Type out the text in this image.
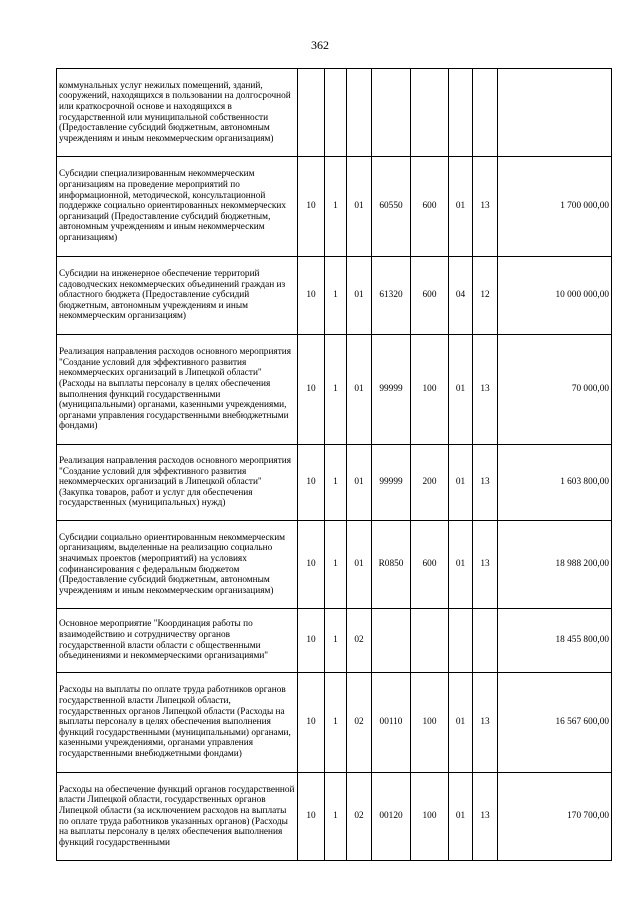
362
коммунальных услуг нежилых помещений, зданий, сооружений, находящихся в пользовании на долгосрочной или краткосрочной основе и находящихся в государственной или муниципальной собственности (Предоставление субсидий бюджетным, автономным учреждениям и иным некоммерческим организациям)								
Субсидии специализированным некоммерческим организациям на проведение мероприятий по информационной, методической, консультационной поддержке социально ориентированных некоммерческих организаций (Предоставление субсидий бюджетным, автономным учреждениям и иным некоммерческим организациям)	10	1	01	60550	600	01	13	1 700 000,00
Субсидии на инженерное обеспечение территорий садоводческих некоммерческих объединений граждан из областного бюджета (Предоставление субсидий бюджетным, автономным учреждениям и иным некоммерческим организациям)	10	1	01	61320	600	04	12	10 000 000,00
Реализация направления расходов основного мероприятия "Создание условий для эффективного развития некоммерческих организаций в Липецкой области" (Расходы на выплаты персоналу в целях обеспечения выполнения функций государственными (муниципальными) органами, казенными учреждениями, органами управления государственными внебюджетными фондами)	10	1	01	99999	100	01	13	70 000,00
Реализация направления расходов основного мероприятия "Создание условий для эффективного развития некоммерческих организаций в Липецкой области" (Закупка товаров, работ и услуг для обеспечения государственных (муниципальных) нужд)	10	1	01	99999	200	01	13	1 603 800,00
Субсидии социально ориентированным некоммерческим организациям, выделенные на реализацию социально значимых проектов (мероприятий) на условиях софинансирования с федеральным бюджетом (Предоставление субсидий бюджетным, автономным учреждениям и иным некоммерческим организациям)	10	1	01	R0850	600	01	13	18 988 200,00
Основное мероприятие "Координация работы по взаимодействию и сотрудничеству органов государственной власти области с общественными объединениями и некоммерческими организациями"	10	1	02					18 455 800,00
Расходы на выплаты по оплате труда работников органов государственной власти Липецкой области, государственных органов Липецкой области (Расходы на выплаты персоналу в целях обеспечения выполнения функций государственными (муниципальными) органами, казенными учреждениями, органами управления государственными внебюджетными фондами)	10	1	02	00110	100	01	13	16 567 600,00
Расходы на обеспечение функций органов государственной власти Липецкой области, государственных органов Липецкой области (за исключением расходов на выплаты по оплате труда работников указанных органов) (Расходы на выплаты персоналу в целях обеспечения выполнения функций государственными	10	1	02	00120	100	01	13	170 700,00
